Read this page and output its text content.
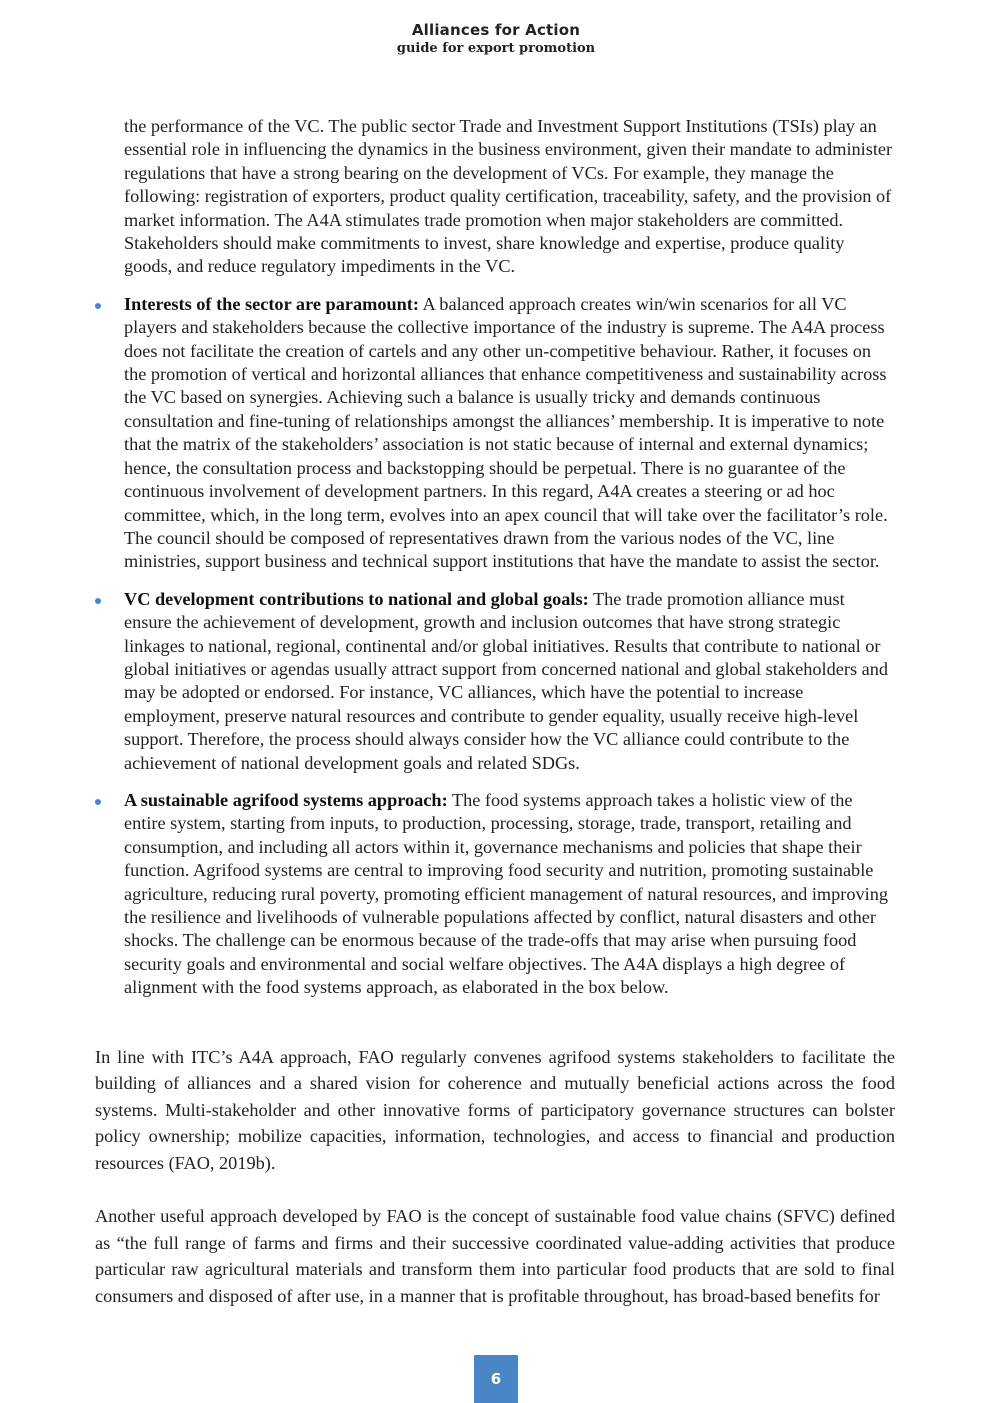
Alliances for Action
guide for export promotion

the performance of the VC. The public sector Trade and Investment Support Institutions (TSIs) play an essential role in influencing the dynamics in the business environment, given their mandate to administer regulations that have a strong bearing on the development of VCs. For example, they manage the following: registration of exporters, product quality certification, traceability, safety, and the provision of market information. The A4A stimulates trade promotion when major stakeholders are committed. Stakeholders should make commitments to invest, share knowledge and expertise, produce quality goods, and reduce regulatory impediments in the VC.

Interests of the sector are paramount: A balanced approach creates win/win scenarios for all VC players and stakeholders because the collective importance of the industry is supreme. The A4A process does not facilitate the creation of cartels and any other un-competitive behaviour. Rather, it focuses on the promotion of vertical and horizontal alliances that enhance competitiveness and sustainability across the VC based on synergies. Achieving such a balance is usually tricky and demands continuous consultation and fine-tuning of relationships amongst the alliances’ membership. It is imperative to note that the matrix of the stakeholders’ association is not static because of internal and external dynamics; hence, the consultation process and backstopping should be perpetual. There is no guarantee of the continuous involvement of development partners. In this regard, A4A creates a steering or ad hoc committee, which, in the long term, evolves into an apex council that will take over the facilitator’s role. The council should be composed of representatives drawn from the various nodes of the VC, line ministries, support business and technical support institutions that have the mandate to assist the sector.
VC development contributions to national and global goals: The trade promotion alliance must ensure the achievement of development, growth and inclusion outcomes that have strong strategic linkages to national, regional, continental and/or global initiatives. Results that contribute to national or global initiatives or agendas usually attract support from concerned national and global stakeholders and may be adopted or endorsed. For instance, VC alliances, which have the potential to increase employment, preserve natural resources and contribute to gender equality, usually receive high-level support. Therefore, the process should always consider how the VC alliance could contribute to the achievement of national development goals and related SDGs.
A sustainable agrifood systems approach: The food systems approach takes a holistic view of the entire system, starting from inputs, to production, processing, storage, trade, transport, retailing and consumption, and including all actors within it, governance mechanisms and policies that shape their function. Agrifood systems are central to improving food security and nutrition, promoting sustainable agriculture, reducing rural poverty, promoting efficient management of natural resources, and improving the resilience and livelihoods of vulnerable populations affected by conflict, natural disasters and other shocks. The challenge can be enormous because of the trade-offs that may arise when pursuing food security goals and environmental and social welfare objectives. The A4A displays a high degree of alignment with the food systems approach, as elaborated in the box below.

In line with ITC’s A4A approach, FAO regularly convenes agrifood systems stakeholders to facilitate the building of alliances and a shared vision for coherence and mutually beneficial actions across the food systems. Multi-stakeholder and other innovative forms of participatory governance structures can bolster policy ownership; mobilize capacities, information, technologies, and access to financial and production resources (FAO, 2019b).

Another useful approach developed by FAO is the concept of sustainable food value chains (SFVC) defined as “the full range of farms and firms and their successive coordinated value-adding activities that produce particular raw agricultural materials and transform them into particular food products that are sold to final consumers and disposed of after use, in a manner that is profitable throughout, has broad-based benefits for

6
